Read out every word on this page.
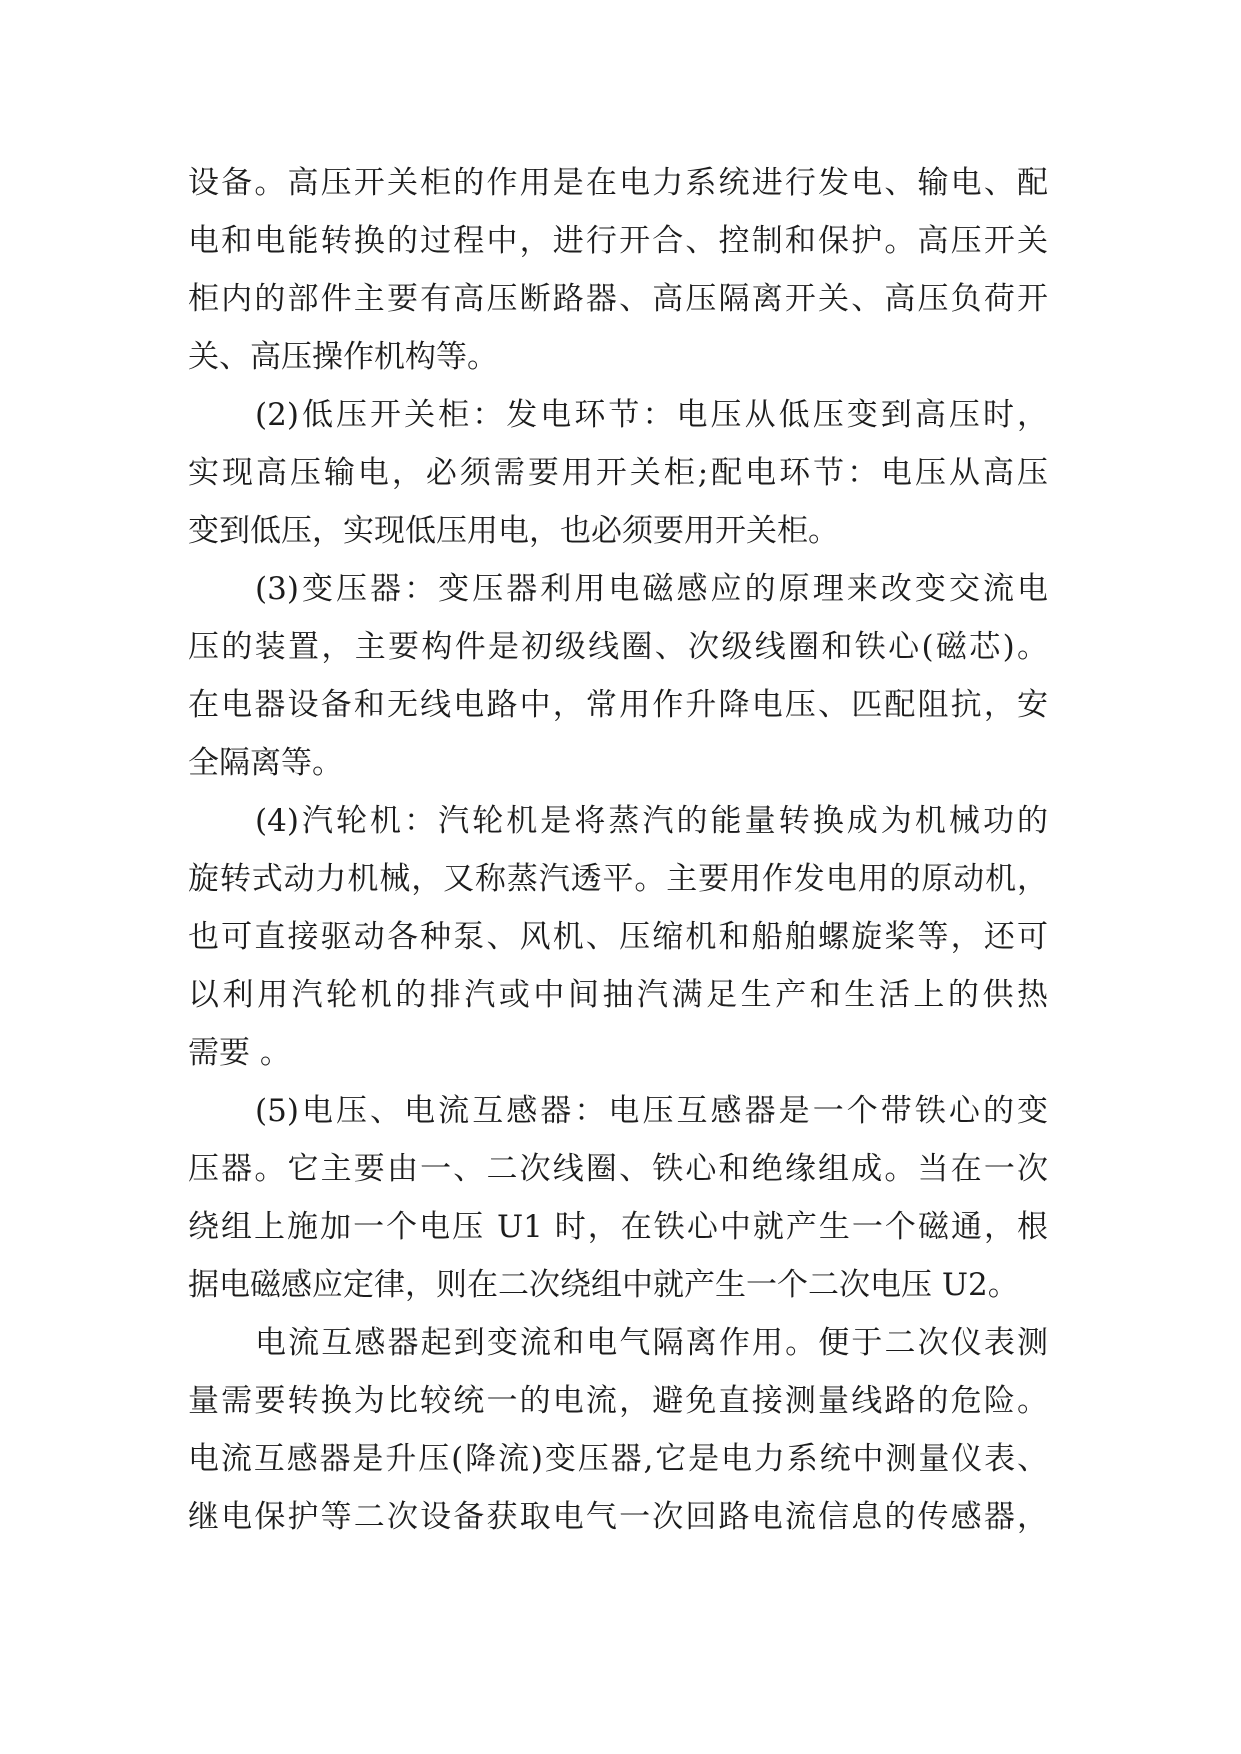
设备。高压开关柜的作用是在电力系统进行发电、输电、配
电和电能转换的过程中，进行开合、控制和保护。高压开关
柜内的部件主要有高压断路器、高压隔离开关、高压负荷开
关、高压操作机构等。
(2)低压开关柜：发电环节：电压从低压变到高压时，
实现高压输电，必须需要用开关柜;配电环节：电压从高压
变到低压，实现低压用电，也必须要用开关柜。
(3)变压器：变压器利用电磁感应的原理来改变交流电
压的装置，主要构件是初级线圈、次级线圈和铁心(磁芯)。
在电器设备和无线电路中，常用作升降电压、匹配阻抗，安
全隔离等。
(4)汽轮机：汽轮机是将蒸汽的能量转换成为机械功的
旋转式动力机械，又称蒸汽透平。主要用作发电用的原动机，
也可直接驱动各种泵、风机、压缩机和船舶螺旋桨等，还可
以利用汽轮机的排汽或中间抽汽满足生产和生活上的供热
需要 。
(5)电压、电流互感器：电压互感器是一个带铁心的变
压器。它主要由一、二次线圈、铁心和绝缘组成。当在一次
绕组上施加一个电压 U1 时，在铁心中就产生一个磁通，根
据电磁感应定律，则在二次绕组中就产生一个二次电压 U2。
电流互感器起到变流和电气隔离作用。便于二次仪表测
量需要转换为比较统一的电流，避免直接测量线路的危险。
电流互感器是升压(降流)变压器,它是电力系统中测量仪表、
继电保护等二次设备获取电气一次回路电流信息的传感器，
